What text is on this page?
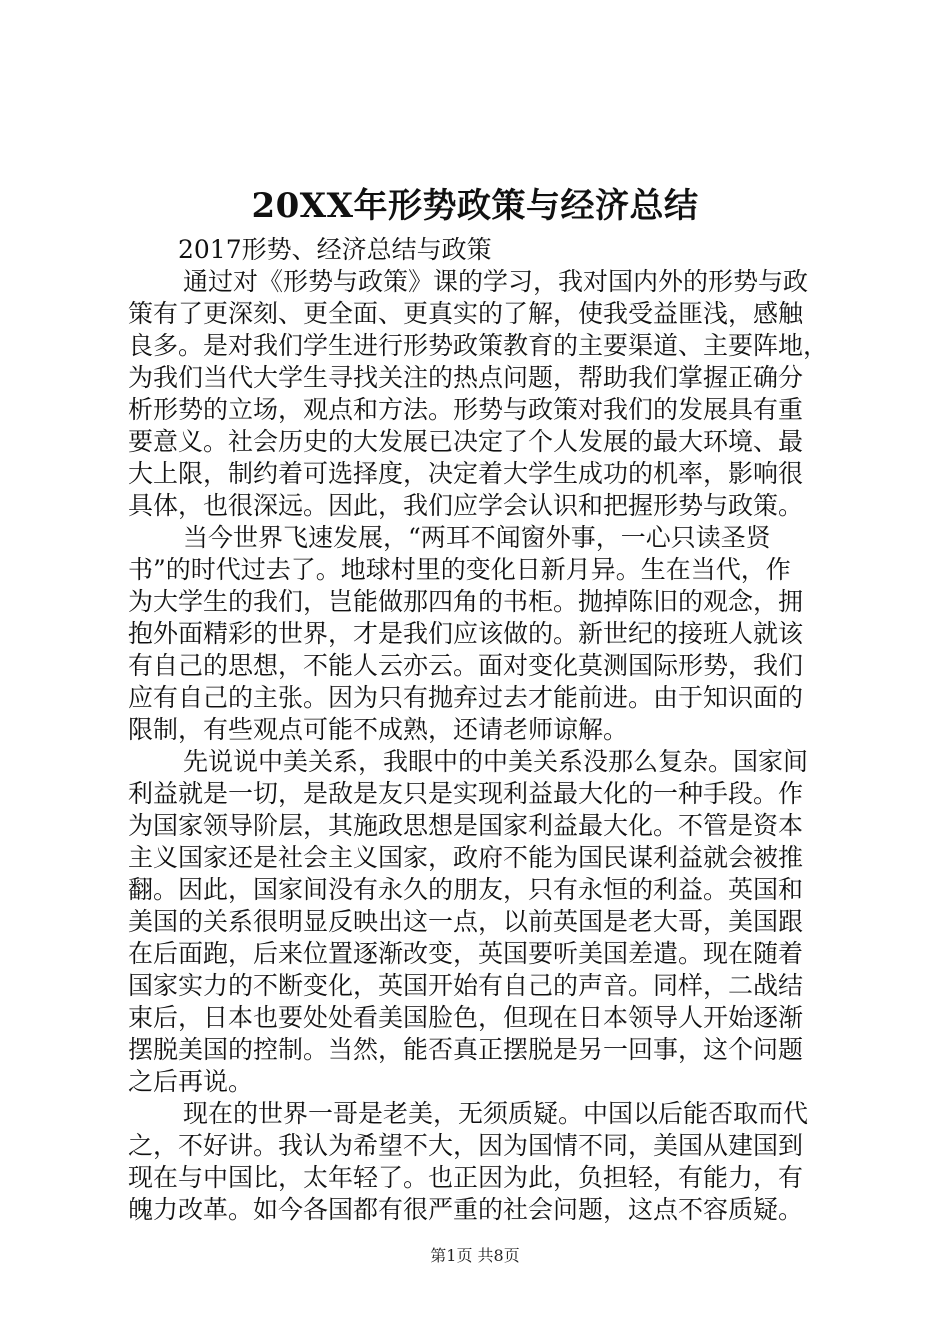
20XX年形势政策与经济总结
2017形势、经济总结与政策
通过对《形势与政策》课的学习，我对国内外的形势与政
策有了更深刻、更全面、更真实的了解，使我受益匪浅，感触
良多。是对我们学生进行形势政策教育的主要渠道、主要阵地，
为我们当代大学生寻找关注的热点问题，帮助我们掌握正确分
析形势的立场，观点和方法。形势与政策对我们的发展具有重
要意义。社会历史的大发展已决定了个人发展的最大环境、最
大上限，制约着可选择度，决定着大学生成功的机率，影响很
具体，也很深远。因此，我们应学会认识和把握形势与政策。
当今世界飞速发展，“两耳不闻窗外事，一心只读圣贤
书”的时代过去了。地球村里的变化日新月异。生在当代，作
为大学生的我们，岂能做那四角的书柜。抛掉陈旧的观念，拥
抱外面精彩的世界，才是我们应该做的。新世纪的接班人就该
有自己的思想，不能人云亦云。面对变化莫测国际形势，我们
应有自己的主张。因为只有抛弃过去才能前进。由于知识面的
限制，有些观点可能不成熟，还请老师谅解。
先说说中美关系，我眼中的中美关系没那么复杂。国家间
利益就是一切，是敌是友只是实现利益最大化的一种手段。作
为国家领导阶层，其施政思想是国家利益最大化。不管是资本
主义国家还是社会主义国家，政府不能为国民谋利益就会被推
翻。因此，国家间没有永久的朋友，只有永恒的利益。英国和
美国的关系很明显反映出这一点，以前英国是老大哥，美国跟
在后面跑，后来位置逐渐改变，英国要听美国差遣。现在随着
国家实力的不断变化，英国开始有自己的声音。同样，二战结
束后，日本也要处处看美国脸色，但现在日本领导人开始逐渐
摆脱美国的控制。当然，能否真正摆脱是另一回事，这个问题
之后再说。
现在的世界一哥是老美，无须质疑。中国以后能否取而代
之，不好讲。我认为希望不大，因为国情不同，美国从建国到
现在与中国比，太年轻了。也正因为此，负担轻，有能力，有
魄力改革。如今各国都有很严重的社会问题，这点不容质疑。
第1页 共8页
